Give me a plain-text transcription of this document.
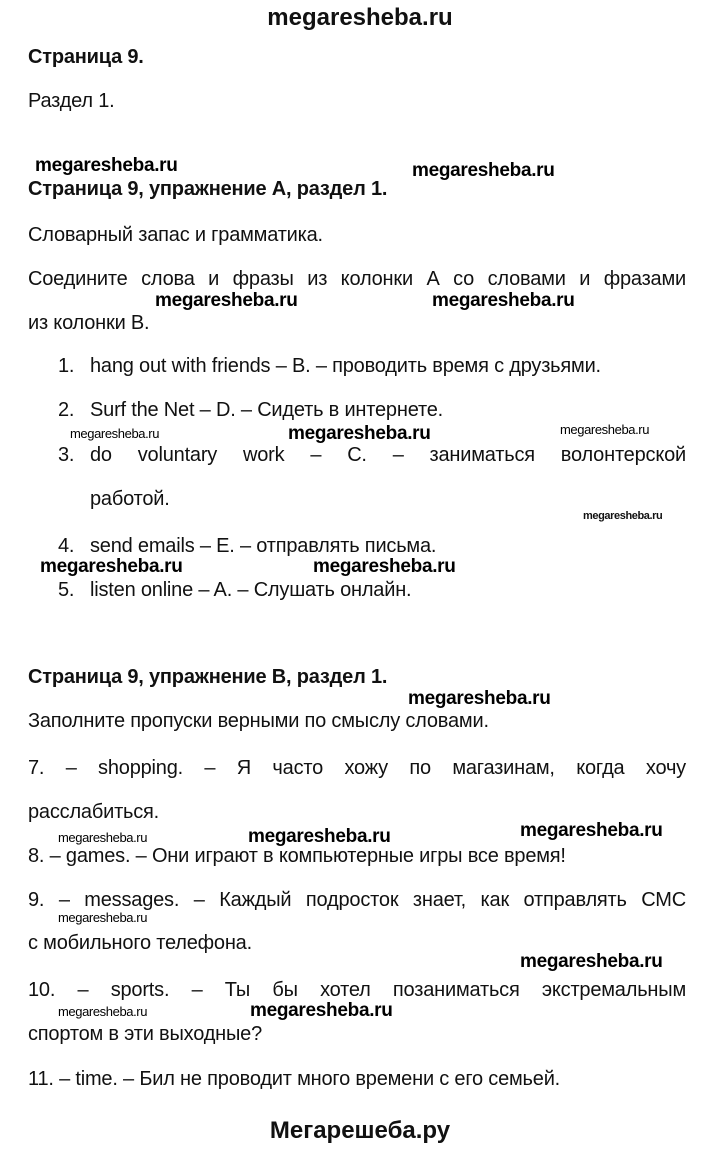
megaresheba.ru
Страница 9.
Раздел 1.
megaresheba.ru	megaresheba.ru
Страница 9, упражнение А, раздел 1.
Словарный запас и грамматика.
Соедините слова и фразы из колонки А со словами и фразами
megaresheba.ru	megaresheba.ru
из колонки В.
1. hang out with friends – B. – проводить время с друзьями.
2. Surf the Net – D. – Сидеть в интернете.
megaresheba.ru	megaresheba.ru	megaresheba.ru
3. do voluntary work – C. – заниматься волонтерской
работой.
megaresheba.ru
4. send emails – E. – отправлять письма.
megaresheba.ru	megaresheba.ru
5. listen online – A. – Слушать онлайн.
Страница 9, упражнение B, раздел 1.
megaresheba.ru
Заполните пропуски верными по смыслу словами.
7. – shopping. – Я часто хожу по магазинам, когда хочу
расслабиться.
megaresheba.ru	megaresheba.ru	megaresheba.ru
8. – games. – Они играют в компьютерные игры все время!
9. – messages. – Каждый подросток знает, как отправлять СМС
megaresheba.ru
с мобильного телефона.
megaresheba.ru
10. – sports. – Ты бы хотел позаниматься экстремальным
megaresheba.ru	megaresheba.ru
спортом в эти выходные?
11. – time. – Бил не проводит много времени с его семьей.
Мегарешеба.ру
